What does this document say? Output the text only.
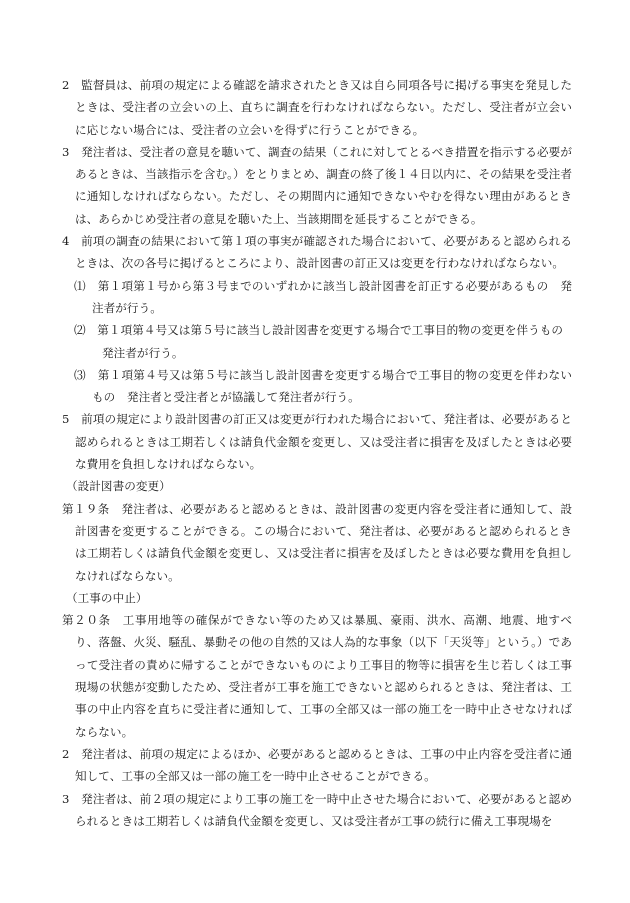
2　監督員は、前項の規定による確認を請求されたとき又は自ら同項各号に掲げる事実を発見したときは、受注者の立会いの上、直ちに調査を行わなければならない。ただし、受注者が立会いに応じない場合には、受注者の立会いを得ずに行うことができる。

3　発注者は、受注者の意見を聴いて、調査の結果（これに対してとるべき措置を指示する必要があるときは、当該指示を含む。）をとりまとめ、調査の終了後１４日以内に、その結果を受注者に通知しなければならない。ただし、その期間内に通知できないやむを得ない理由があるときは、あらかじめ受注者の意見を聴いた上、当該期間を延長することができる。

4　前項の調査の結果において第１項の事実が確認された場合において、必要があると認められるときは、次の各号に掲げるところにより、設計図書の訂正又は変更を行わなければならない。

⑴　第１項第１号から第３号までのいずれかに該当し設計図書を訂正する必要があるもの　発注者が行う。

⑵　第１項第４号又は第５号に該当し設計図書を変更する場合で工事目的物の変更を伴うもの

発注者が行う。

⑶　第１項第４号又は第５号に該当し設計図書を変更する場合で工事目的物の変更を伴わないもの　発注者と受注者とが協議して発注者が行う。

5　前項の規定により設計図書の訂正又は変更が行われた場合において、発注者は、必要があると認められるときは工期若しくは請負代金額を変更し、又は受注者に損害を及ぼしたときは必要な費用を負担しなければならない。

（設計図書の変更）

第１９条　発注者は、必要があると認めるときは、設計図書の変更内容を受注者に通知して、設計図書を変更することができる。この場合において、発注者は、必要があると認められるときは工期若しくは請負代金額を変更し、又は受注者に損害を及ぼしたときは必要な費用を負担しなければならない。

（工事の中止）

第２０条　工事用地等の確保ができない等のため又は暴風、豪雨、洪水、高潮、地震、地すべり、落盤、火災、騒乱、暴動その他の自然的又は人為的な事象（以下「天災等」という。）であって受注者の責めに帰することができないものにより工事目的物等に損害を生じ若しくは工事現場の状態が変動したため、受注者が工事を施工できないと認められるときは、発注者は、工事の中止内容を直ちに受注者に通知して、工事の全部又は一部の施工を一時中止させなければならない。

2　発注者は、前項の規定によるほか、必要があると認めるときは、工事の中止内容を受注者に通知して、工事の全部又は一部の施工を一時中止させることができる。

3　発注者は、前２項の規定により工事の施工を一時中止させた場合において、必要があると認められるときは工期若しくは請負代金額を変更し、又は受注者が工事の続行に備え工事現場を
